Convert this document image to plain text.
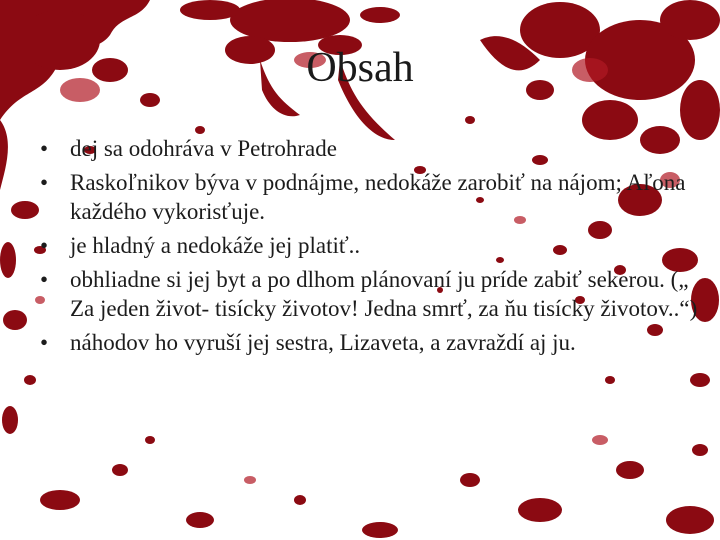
Obsah
• dej sa odohráva v Petrohrade
• Raskoľnikov býva v podnájme, nedokáže zarobiť na nájom; Aľona každého vykorisťuje.
• je hladný a nedokáže jej platiť..
• obhliadne si jej byt a po dlhom plánovaní ju príde zabiť sekerou. („ Za jeden život- tisícky životov! Jedna smrť, za ňu tisícky životov..“)
• náhodov ho vyruší jej sestra, Lizaveta, a zavraždí aj ju.
